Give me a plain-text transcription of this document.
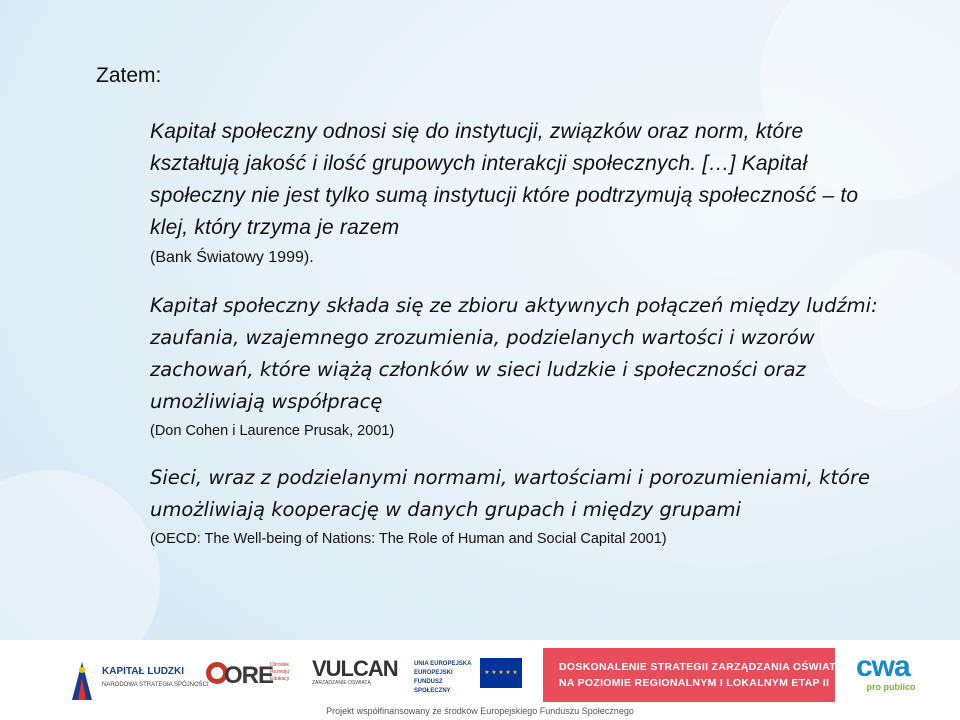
Zatem:
Kapitał społeczny odnosi się do instytucji, związków oraz norm, które kształtują jakość i ilość grupowych interakcji społecznych. […] Kapitał społeczny nie jest tylko sumą instytucji które podtrzymują społeczność – to klej, który trzyma je razem
(Bank Światowy 1999).
Kapitał społeczny składa się ze zbioru aktywnych połączeń między ludźmi: zaufania, wzajemnego zrozumienia, podzielanych wartości i wzorów zachowań, które wiążą członków w sieci ludzkie i społeczności oraz umożliwiają współpracę
(Don Cohen i Laurence Prusak, 2001)
Sieci, wraz z podzielanymi normami, wartościami i porozumieniami, które umożliwiają kooperację w danych grupach i między grupami
(OECD: The Well-being of Nations: The Role of Human and Social Capital 2001)
KAPITAŁ LUDZKI
NARODOWA STRATEGIA SPÓJNOŚCI ORE
Ośrodek Rozwoju Edukacji	VULCAN
ZARZĄDZANIE OŚWIATĄ
UNIA EUROPEJSKA EUROPEJSKI FUNDUSZ SPOŁECZNY
★ ★ ★ ★ ★	DOSKONALENIE STRATEGII ZARZĄDZANIA OŚWIATĄ
NA POZIOMIE REGIONALNYM I LOKALNYM ETAP II cwa
pro publico
Projekt współfinansowany ze środków Europejskiego Funduszu Społecznego
